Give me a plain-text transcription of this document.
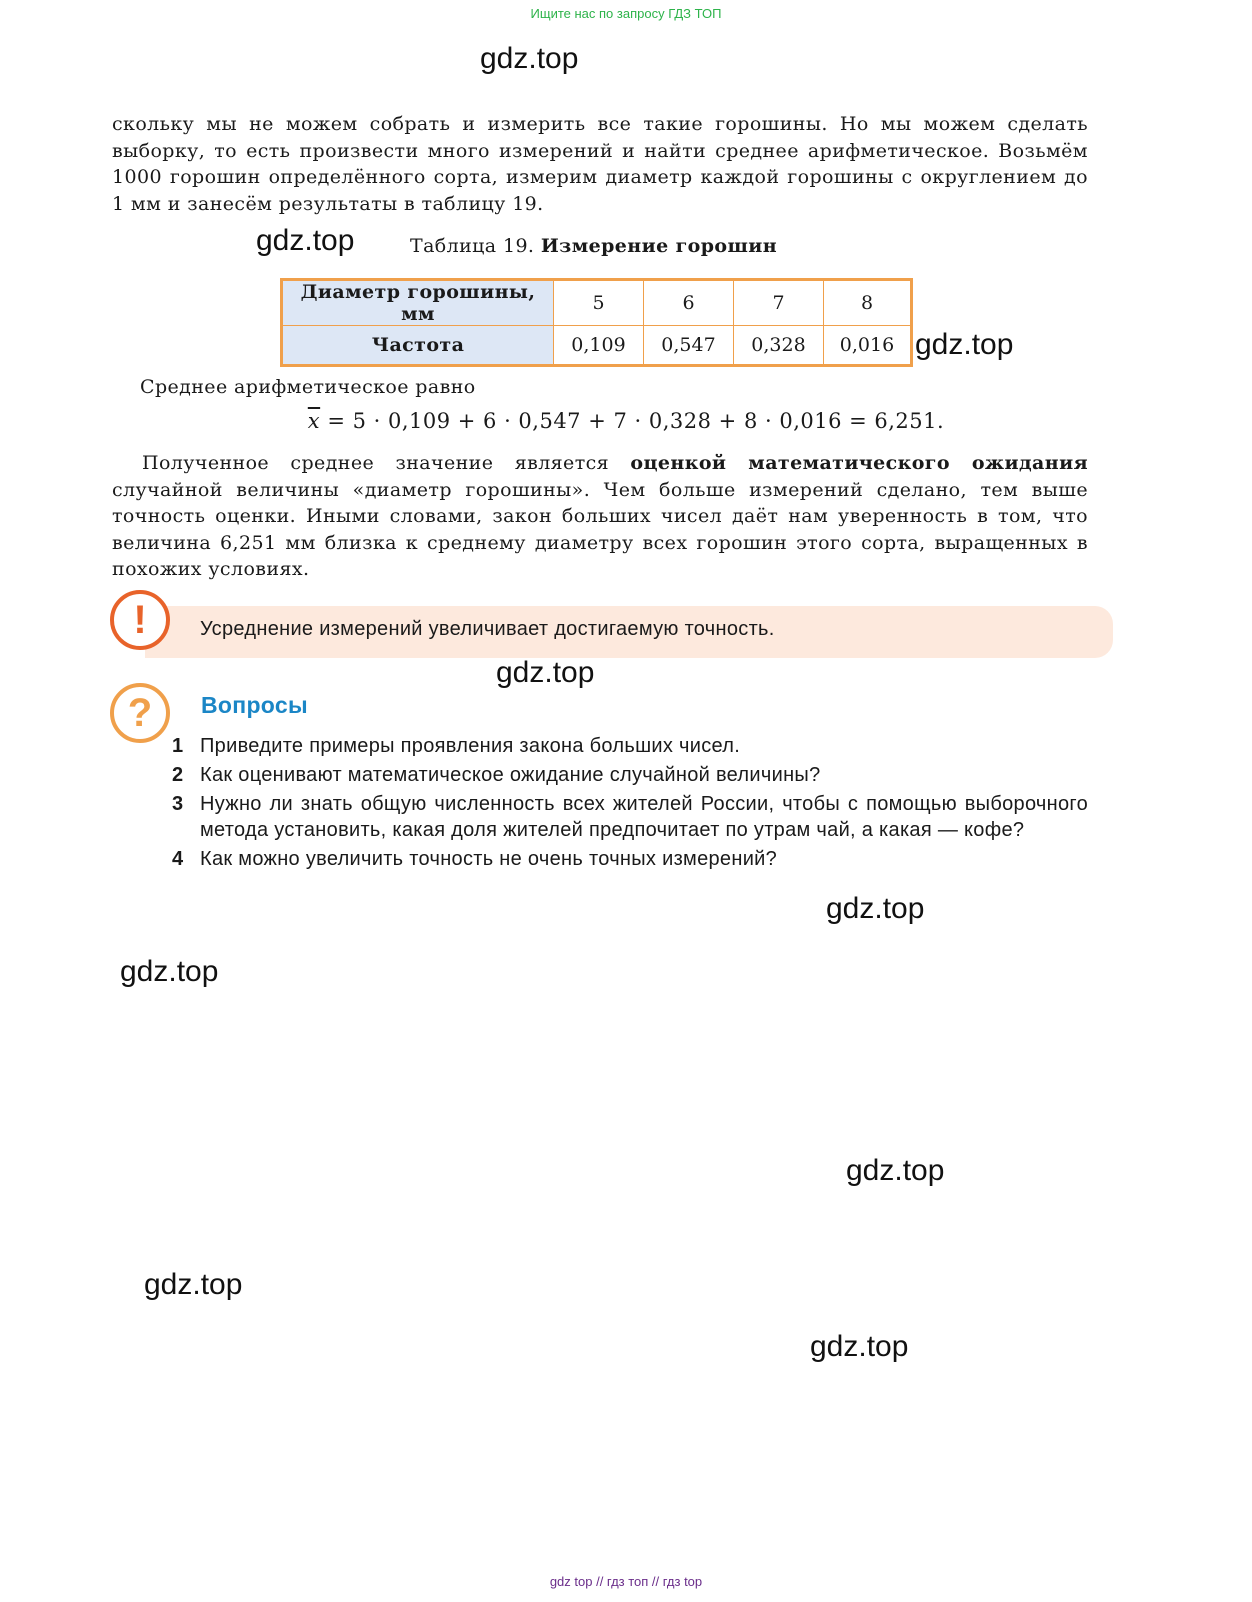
Ищите нас по запросу ГДЗ ТОП
gdz.top
скольку мы не можем собрать и измерить все такие горошины. Но мы можем сделать выборку, то есть произвести много измерений и найти среднее арифметическое. Возьмём 1000 горошин определённого сорта, измерим диаметр каждой горошины с округлением до 1 мм и занесём результаты в таблицу 19.
gdz.top	Таблица 19. Измерение горошин
Диаметр горошины, мм	5	6	7	8
Частота	0,109	0,547	0,328	0,016 gdz.top
Среднее арифметическое равно
$\overline{x} = 5 \cdot 0,109 + 6 \cdot 0,547 + 7 \cdot 0,328 + 8 \cdot 0,016 = 6,251$.
Полученное среднее значение является оценкой математического ожидания случайной величины «диаметр горошины». Чем больше измерений сделано, тем выше точность оценки. Иными словами, закон больших чисел даёт нам уверенность в том, что величина 6,251 мм близка к среднему диаметру всех горошин этого сорта, выращенных в похожих условиях.
!	Усреднение измерений увеличивает достигаемую точность.
gdz.top
?	Вопросы
1 Приведите примеры проявления закона больших чисел.
2 Как оценивают математическое ожидание случайной величины?
3 Нужно ли знать общую численность всех жителей России, чтобы с помощью выборочного метода установить, какая доля жителей предпочитает по утрам чай, а какая — кофе?
4 Как можно увеличить точность не очень точных измерений?
gdz.top
gdz.top
gdz.top
gdz.top
gdz.top
gdz top // гдз топ // гдз top
